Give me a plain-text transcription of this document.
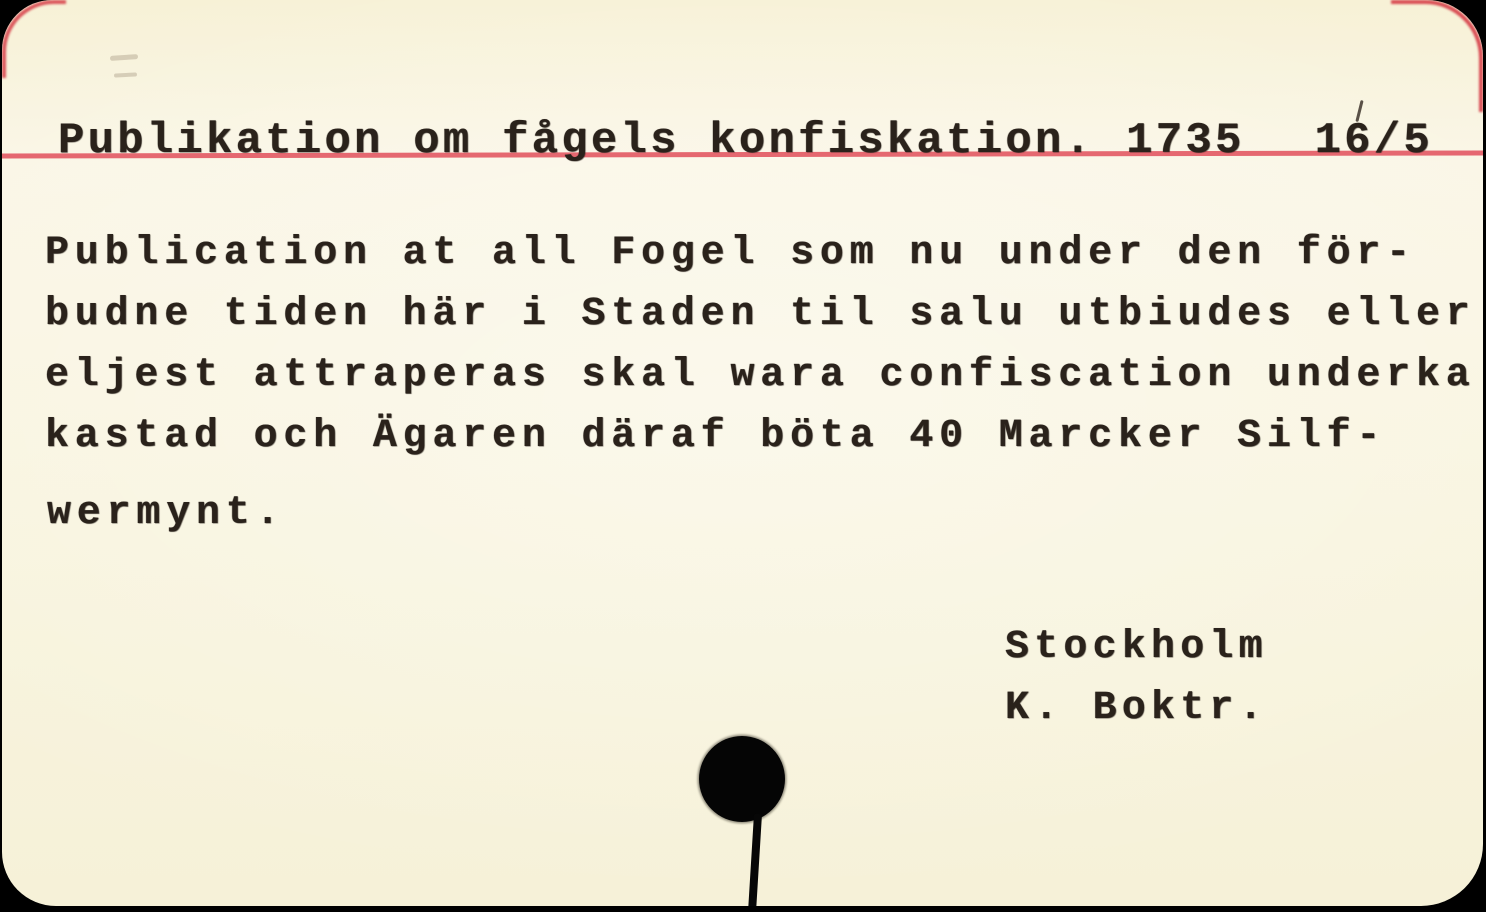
Publikation om fågels konfiskation. 1735 16/5
Publication at all Fogel som nu under den för-
budne tiden här i Staden til salu utbiudes eller
eljest attraperas skal wara confiscation underka
kastad och Ägaren däraf böta 40 Marcker Silf-
wermynt.
Stockholm
K. Boktr.
